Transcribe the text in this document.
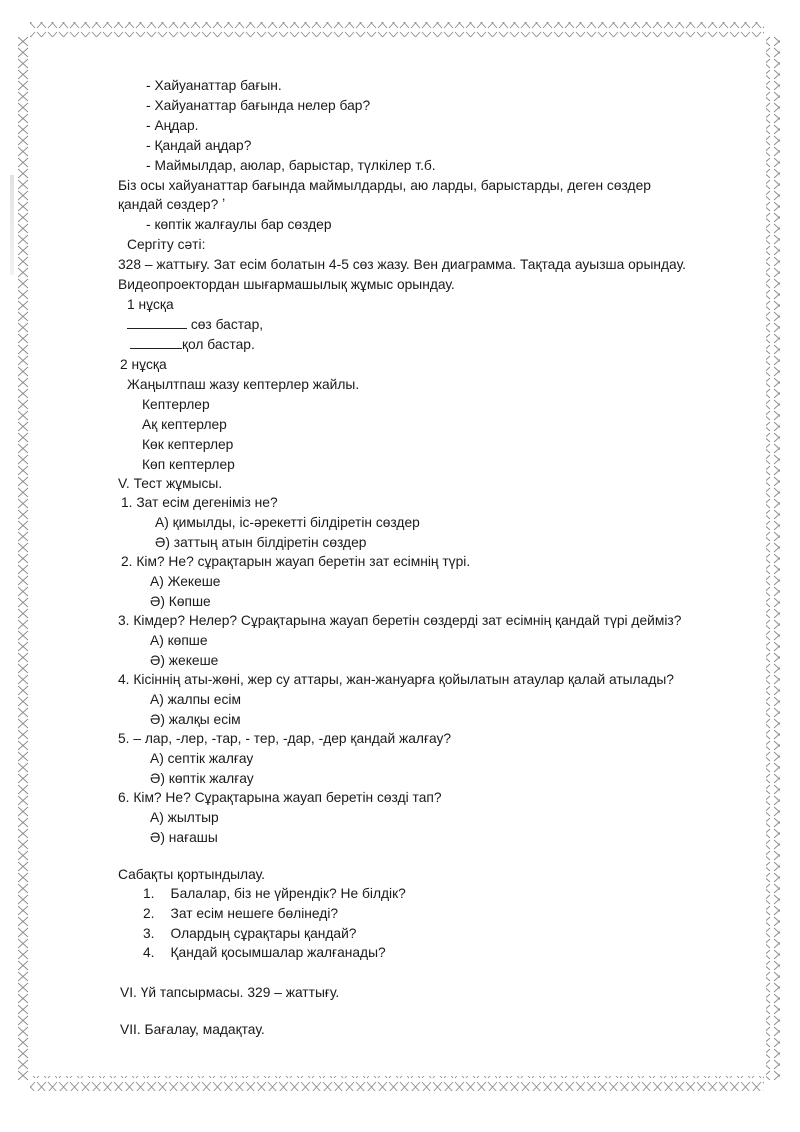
- Хайуанаттар бағын.
- Хайуанаттар бағында нелер бар?
- Аңдар.
- Қандай аңдар?
- Маймылдар, аюлар, барыстар, түлкілер т.б.
Біз осы хайуанаттар бағында маймылдарды, аю ларды, барыстарды, деген сөздер
қандай сөздер? ʼ
- көптік жалғаулы бар сөздер
Сергіту сәті:
328 – жаттығу. Зат есім болатын 4-5 сөз жазу. Вен диаграмма. Тақтада ауызша орындау.
Видеопроектордан шығармашылық жұмыс орындау.
1 нұсқа
сөз бастар,
қол бастар.
2 нұсқа
Жаңылтпаш жазу кептерлер жайлы.
Кептерлер
Ақ кептерлер
Көк кептерлер
Көп кептерлер
V. Тест жұмысы.
1. Зат есім дегеніміз не?
А) қимылды, іс-әрекетті білдіретін сөздер
Ә) заттың атын білдіретін сөздер
2. Кім? Не? сұрақтарын жауап беретін зат есімнің түрі.
А) Жекеше
Ә) Көпше
3. Кімдер? Нелер? Сұрақтарына жауап беретін сөздерді зат есімнің қандай түрі дейміз?
А) көпше
Ә) жекеше
4. Кісіннің аты-жөні, жер су аттары, жан-жануарға қойылатын атаулар қалай атылады?
А) жалпы есім
Ә) жалқы есім
5. – лар, -лер, -тар, - тер, -дар, -дер қандай жалғау?
А) септік жалғау
Ә) көптік жалғау
6. Кім? Не? Сұрақтарына жауап беретін сөзді тап?
А) жылтыр
Ә) нағашы
Сабақты қортындылау.
1. Балалар, біз не үйрендік? Не білдік?
2. Зат есім нешеге бөлінеді?
3. Олардың сұрақтары қандай?
4. Қандай қосымшалар жалғанады?
VI. Үй тапсырмасы. 329 – жаттығу.
VII. Бағалау, мадақтау.
